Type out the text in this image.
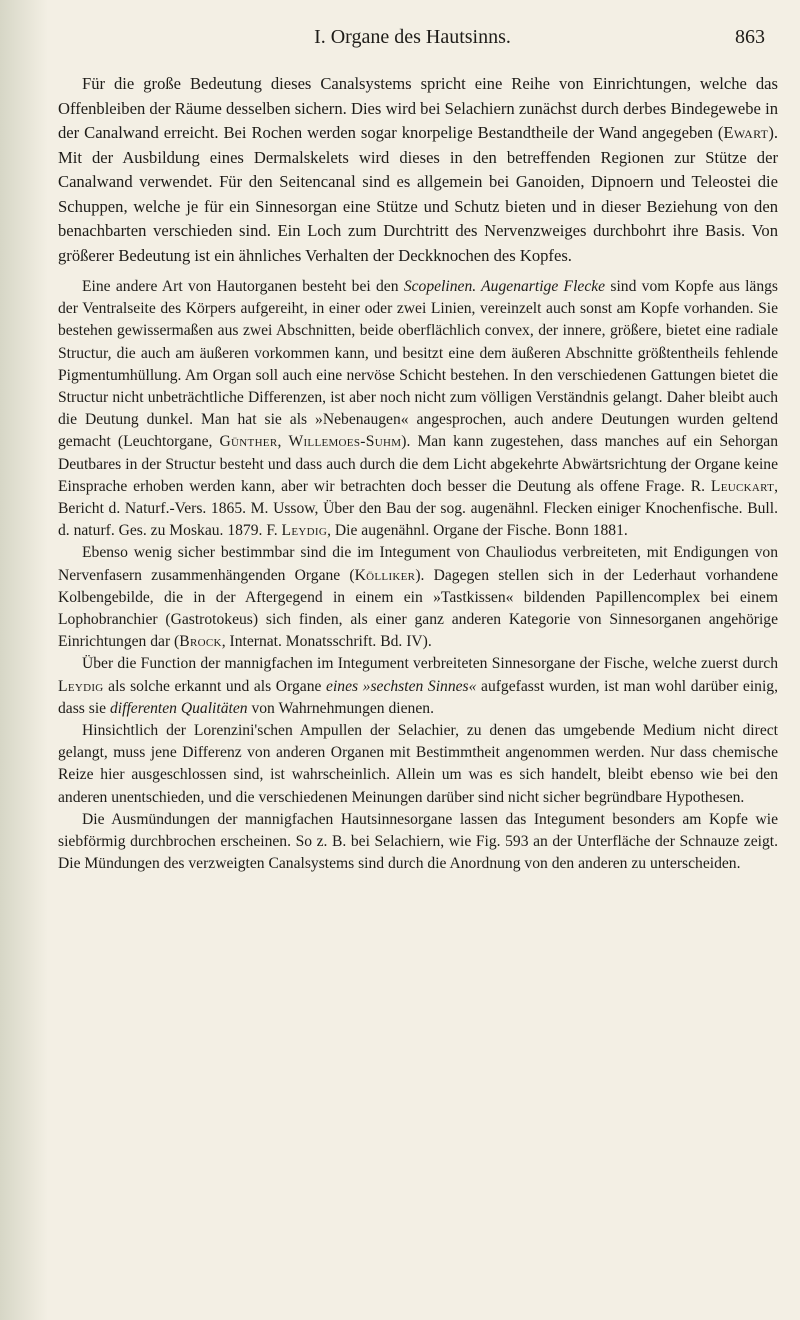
I. Organe des Hautsinns.	863

Für die große Bedeutung dieses Canalsystems spricht eine Reihe von Einrichtungen, welche das Offenbleiben der Räume desselben sichern. Dies wird bei Selachiern zunächst durch derbes Bindegewebe in der Canalwand erreicht. Bei Rochen werden sogar knorpelige Bestandtheile der Wand angegeben (Ewart). Mit der Ausbildung eines Dermalskelets wird dieses in den betreffenden Regionen zur Stütze der Canalwand verwendet. Für den Seitencanal sind es allgemein bei Ganoiden, Dipnoern und Teleostei die Schuppen, welche je für ein Sinnesorgan eine Stütze und Schutz bieten und in dieser Beziehung von den benachbarten verschieden sind. Ein Loch zum Durchtritt des Nervenzweiges durchbohrt ihre Basis. Von größerer Bedeutung ist ein ähnliches Verhalten der Deckknochen des Kopfes.

Eine andere Art von Hautorganen besteht bei den Scopelinen. Augenartige Flecke sind vom Kopfe aus längs der Ventralseite des Körpers aufgereiht, in einer oder zwei Linien, vereinzelt auch sonst am Kopfe vorhanden. Sie bestehen gewissermaßen aus zwei Abschnitten, beide oberflächlich convex, der innere, größere, bietet eine radiale Structur, die auch am äußeren vorkommen kann, und besitzt eine dem äußeren Abschnitte größtentheils fehlende Pigmentumhüllung. Am Organ soll auch eine nervöse Schicht bestehen. In den verschiedenen Gattungen bietet die Structur nicht unbeträchtliche Differenzen, ist aber noch nicht zum völligen Verständnis gelangt. Daher bleibt auch die Deutung dunkel. Man hat sie als »Nebenaugen« angesprochen, auch andere Deutungen wurden geltend gemacht (Leuchtorgane, Günther, Willemoes-Suhm). Man kann zugestehen, dass manches auf ein Sehorgan Deutbares in der Structur besteht und dass auch durch die dem Licht abgekehrte Abwärtsrichtung der Organe keine Einsprache erhoben werden kann, aber wir betrachten doch besser die Deutung als offene Frage. R. Leuckart, Bericht d. Naturf.-Vers. 1865. M. Ussow, Über den Bau der sog. augenähnl. Flecken einiger Knochenfische. Bull. d. naturf. Ges. zu Moskau. 1879. F. Leydig, Die augenähnl. Organe der Fische. Bonn 1881.

Ebenso wenig sicher bestimmbar sind die im Integument von Chauliodus verbreiteten, mit Endigungen von Nervenfasern zusammenhängenden Organe (Kölliker). Dagegen stellen sich in der Lederhaut vorhandene Kolbengebilde, die in der Aftergegend in einem ein »Tastkissen« bildenden Papillencomplex bei einem Lophobranchier (Gastrotokeus) sich finden, als einer ganz anderen Kategorie von Sinnesorganen angehörige Einrichtungen dar (Brock, Internat. Monatsschrift. Bd. IV).

Über die Function der mannigfachen im Integument verbreiteten Sinnesorgane der Fische, welche zuerst durch Leydig als solche erkannt und als Organe eines »sechsten Sinnes« aufgefasst wurden, ist man wohl darüber einig, dass sie differenten Qualitäten von Wahrnehmungen dienen.

Hinsichtlich der Lorenzini'schen Ampullen der Selachier, zu denen das umgebende Medium nicht direct gelangt, muss jene Differenz von anderen Organen mit Bestimmtheit angenommen werden. Nur dass chemische Reize hier ausgeschlossen sind, ist wahrscheinlich. Allein um was es sich handelt, bleibt ebenso wie bei den anderen unentschieden, und die verschiedenen Meinungen darüber sind nicht sicher begründbare Hypothesen.

Die Ausmündungen der mannigfachen Hautsinnesorgane lassen das Integument besonders am Kopfe wie siebförmig durchbrochen erscheinen. So z. B. bei Selachiern, wie Fig. 593 an der Unterfläche der Schnauze zeigt. Die Mündungen des verzweigten Canalsystems sind durch die Anordnung von den anderen zu unterscheiden.
